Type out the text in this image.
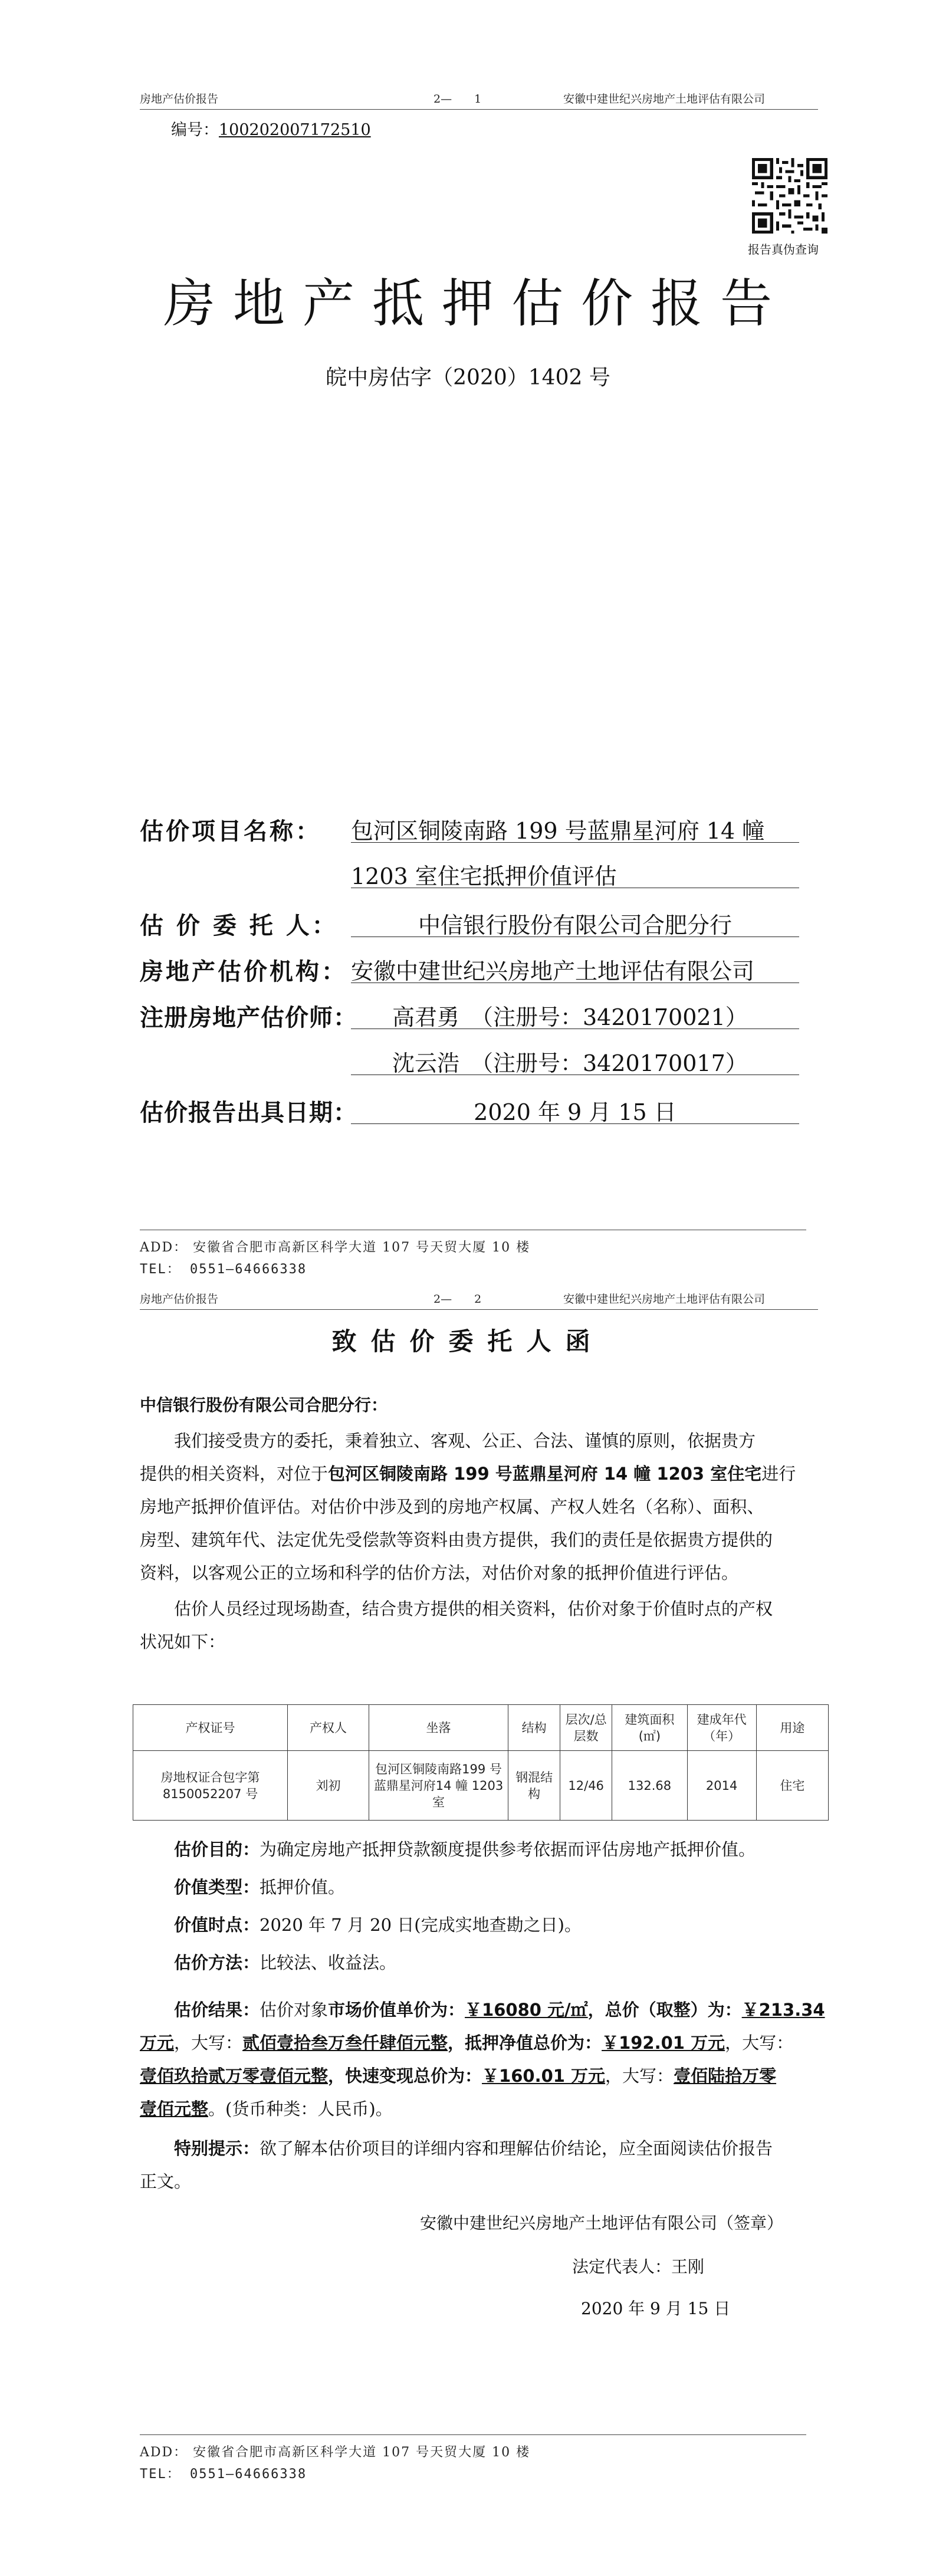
房地产估价报告	2—　　1	安徽中建世纪兴房地产土地评估有限公司
编号：100202007172510
报告真伪查询
房地产抵押估价报告
皖中房估字（2020）1402 号
估价项目名称： 包河区铜陵南路 199 号蓝鼎星河府 14 幢
1203 室住宅抵押价值评估
估 价 委 托 人：	中信银行股份有限公司合肥分行
房地产估价机构： 安徽中建世纪兴房地产土地评估有限公司
注册房地产估价师： 高君勇　（注册号：3420170021）
沈云浩　（注册号：3420170017）
估价报告出具日期：	2020 年 9 月 15 日
ADD： 安徽省合肥市高新区科学大道 107 号天贸大厦 10 楼
TEL： 0551—64666338
房地产估价报告	2—　　2	安徽中建世纪兴房地产土地评估有限公司
致估价委托人函
中信银行股份有限公司合肥分行：
我们接受贵方的委托，秉着独立、客观、公正、合法、谨慎的原则，依据贵方
提供的相关资料，对位于包河区铜陵南路 199 号蓝鼎星河府 14 幢 1203 室住宅进行
房地产抵押价值评估。对估价中涉及到的房地产权属、产权人姓名（名称）、面积、
房型、建筑年代、法定优先受偿款等资料由贵方提供，我们的责任是依据贵方提供的
资料，以客观公正的立场和科学的估价方法，对估价对象的抵押价值进行评估。
估价人员经过现场勘查，结合贵方提供的相关资料，估价对象于价值时点的产权
状况如下：
产权证号	产权人	坐落	结构	层次/总层数	建筑面积(㎡)	建成年代（年）	用途
房地权证合包字第8150052207 号	刘初	包河区铜陵南路199 号蓝鼎星河府14 幢 1203 室	钢混结构	12/46	132.68	2014	住宅
估价目的：为确定房地产抵押贷款额度提供参考依据而评估房地产抵押价值。
价值类型：抵押价值。
价值时点：2020 年 7 月 20 日(完成实地查勘之日)。
估价方法：比较法、收益法。
估价结果：估价对象市场价值单价为：￥16080 元/㎡，总价（取整）为：￥213.34
万元，大写：贰佰壹拾叁万叁仟肆佰元整，抵押净值总价为：￥192.01 万元，大写：
壹佰玖拾贰万零壹佰元整，快速变现总价为：￥160.01 万元，大写：壹佰陆拾万零
壹佰元整。(货币种类：人民币)。
特别提示：欲了解本估价项目的详细内容和理解估价结论，应全面阅读估价报告
正文。
安徽中建世纪兴房地产土地评估有限公司（签章）
法定代表人：王刚
2020 年 9 月 15 日
ADD： 安徽省合肥市高新区科学大道 107 号天贸大厦 10 楼
TEL： 0551—64666338
